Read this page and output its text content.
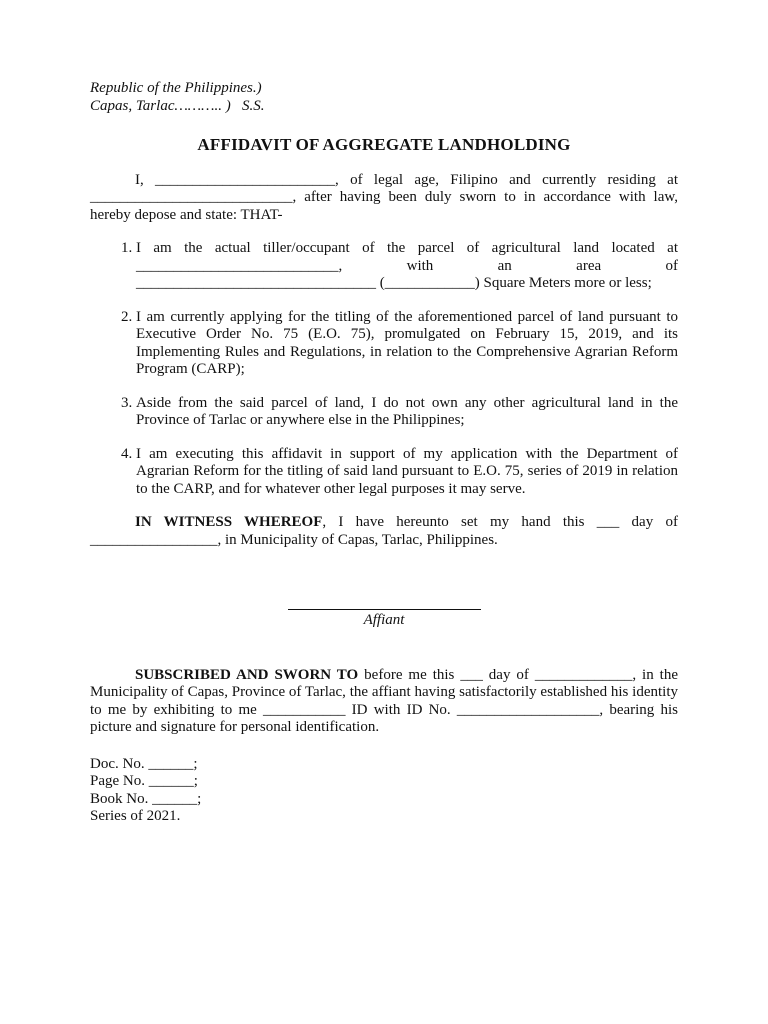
Republic of the Philippines.)
Capas, Tarlac……….. )   S.S.
AFFIDAVIT OF AGGREGATE LANDHOLDING

I, ________________________, of legal age, Filipino and currently residing at ___________________________, after having been duly sworn to in accordance with law, hereby depose and state: THAT-

1. I am the actual tiller/occupant of the parcel of agricultural land located at ___________________________, with an area of ________________________________ (____________) Square Meters more or less;
2. I am currently applying for the titling of the aforementioned parcel of land pursuant to Executive Order No. 75 (E.O. 75), promulgated on February 15, 2019, and its Implementing Rules and Regulations, in relation to the Comprehensive Agrarian Reform Program (CARP);
3. Aside from the said parcel of land, I do not own any other agricultural land in the Province of Tarlac or anywhere else in the Philippines;
4. I am executing this affidavit in support of my application with the Department of Agrarian Reform for the titling of said land pursuant to E.O. 75, series of 2019 in relation to the CARP, and for whatever other legal purposes it may serve.

IN WITNESS WHEREOF, I have hereunto set my hand this ___ day of _________________, in Municipality of Capas, Tarlac, Philippines.

Affiant

SUBSCRIBED AND SWORN TO before me this ___ day of _____________, in the Municipality of Capas, Province of Tarlac, the affiant having satisfactorily established his identity to me by exhibiting to me ___________ ID with ID No. ___________________, bearing his picture and signature for personal identification.

Doc. No. ______;
Page No. ______;
Book No. ______;
Series of 2021.
